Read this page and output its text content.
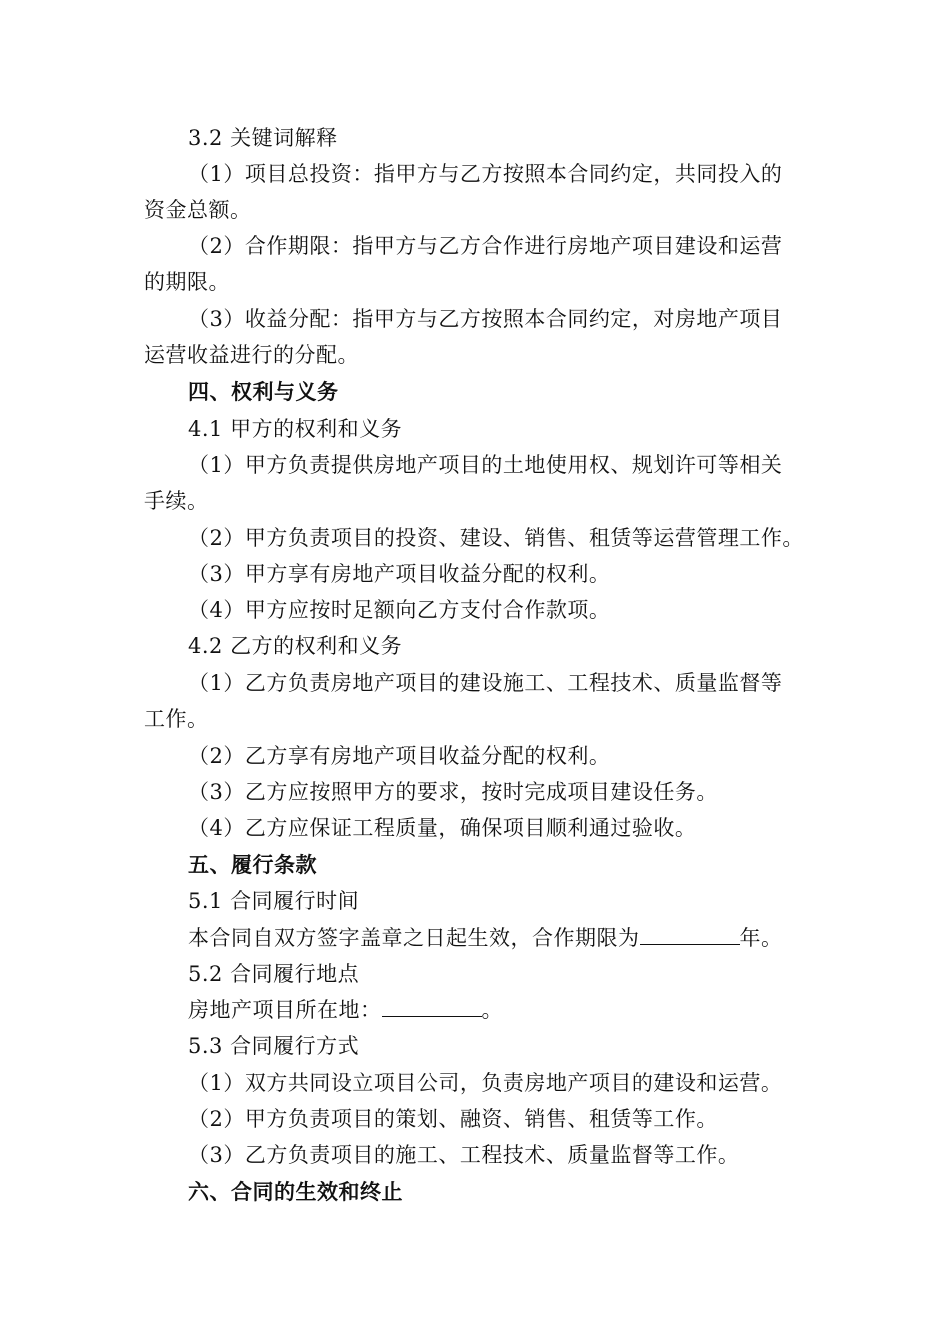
3.2 关键词解释
（1）项目总投资：指甲方与乙方按照本合同约定，共同投入的
资金总额。
（2）合作期限：指甲方与乙方合作进行房地产项目建设和运营
的期限。
（3）收益分配：指甲方与乙方按照本合同约定，对房地产项目
运营收益进行的分配。
四、权利与义务
4.1 甲方的权利和义务
（1）甲方负责提供房地产项目的土地使用权、规划许可等相关
手续。
（2）甲方负责项目的投资、建设、销售、租赁等运营管理工作。
（3）甲方享有房地产项目收益分配的权利。
（4）甲方应按时足额向乙方支付合作款项。
4.2 乙方的权利和义务
（1）乙方负责房地产项目的建设施工、工程技术、质量监督等
工作。
（2）乙方享有房地产项目收益分配的权利。
（3）乙方应按照甲方的要求，按时完成项目建设任务。
（4）乙方应保证工程质量，确保项目顺利通过验收。
五、履行条款
5.1 合同履行时间
本合同自双方签字盖章之日起生效，合作期限为	年。
5.2 合同履行地点
房地产项目所在地：	。
5.3 合同履行方式
（1）双方共同设立项目公司，负责房地产项目的建设和运营。
（2）甲方负责项目的策划、融资、销售、租赁等工作。
（3）乙方负责项目的施工、工程技术、质量监督等工作。
六、合同的生效和终止
